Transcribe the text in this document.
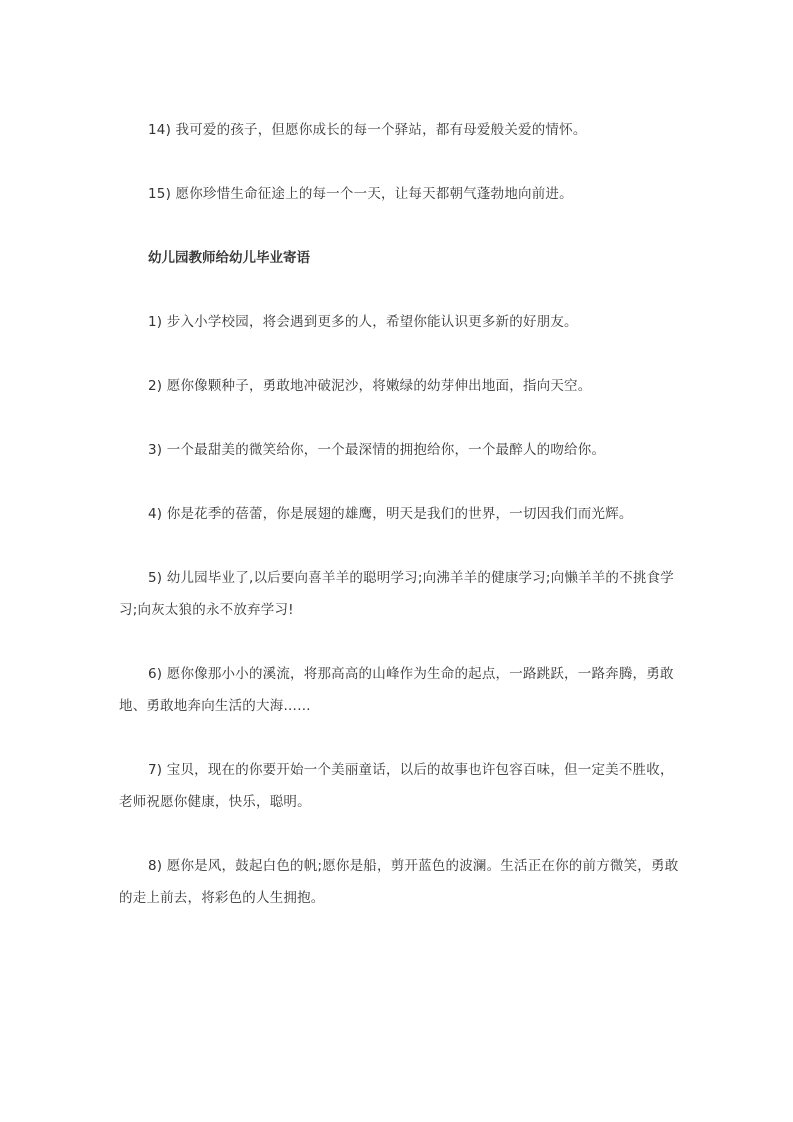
14) 我可爱的孩子，但愿你成长的每一个驿站，都有母爱般关爱的情怀。

15) 愿你珍惜生命征途上的每一个一天，让每天都朝气蓬勃地向前进。

幼儿园教师给幼儿毕业寄语

1) 步入小学校园，将会遇到更多的人，希望你能认识更多新的好朋友。

2) 愿你像颗种子，勇敢地冲破泥沙，将嫩绿的幼芽伸出地面，指向天空。

3) 一个最甜美的微笑给你，一个最深情的拥抱给你，一个最醉人的吻给你。

4) 你是花季的蓓蕾，你是展翅的雄鹰，明天是我们的世界，一切因我们而光辉。

5) 幼儿园毕业了,以后要向喜羊羊的聪明学习;向沸羊羊的健康学习;向懒羊羊的不挑食学习;向灰太狼的永不放弃学习!

6) 愿你像那小小的溪流，将那高高的山峰作为生命的起点，一路跳跃，一路奔腾，勇敢地、勇敢地奔向生活的大海……

7) 宝贝，现在的你要开始一个美丽童话，以后的故事也许包容百味，但一定美不胜收，老师祝愿你健康，快乐，聪明。

8) 愿你是风，鼓起白色的帆;愿你是船，剪开蓝色的波澜。生活正在你的前方微笑，勇敢的走上前去，将彩色的人生拥抱。
